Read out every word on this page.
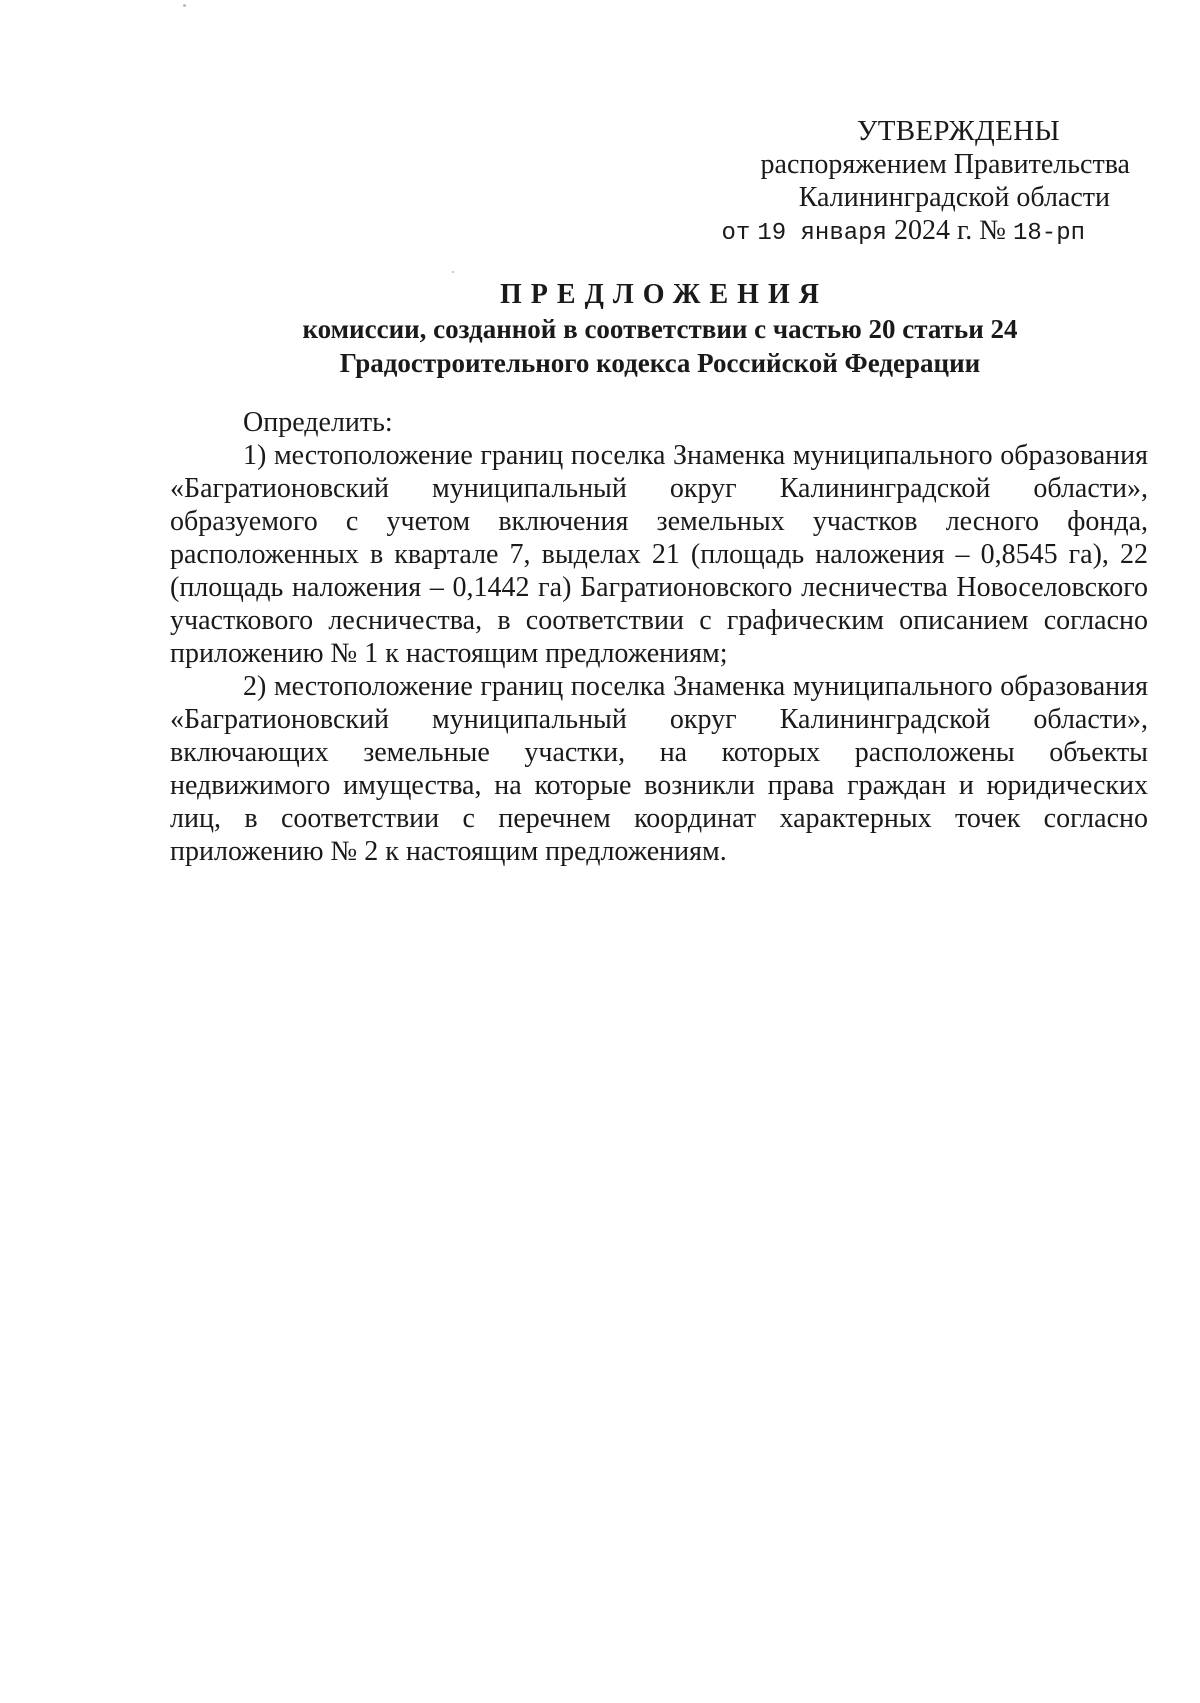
УТВЕРЖДЕНЫ
распоряжением Правительства
Калининградской области
от 19 января 2024 г. № 18-рп
ПРЕДЛОЖЕНИЯ
комиссии, созданной в соответствии с частью 20 статьи 24
Градостроительного кодекса Российской Федерации

Определить:

1) местоположение границ поселка Знаменка муниципального образования «Багратионовский муниципальный округ Калининградской области», образуемого с учетом включения земельных участков лесного фонда, расположенных в квартале 7, выделах 21 (площадь наложения – 0,8545 га), 22 (площадь наложения – 0,1442 га) Багратионовского лесничества Новоселовского участкового лесничества, в соответствии с графическим описанием согласно приложению № 1 к настоящим предложениям;

2) местоположение границ поселка Знаменка муниципального образования «Багратионовский муниципальный округ Калининградской области», включающих земельные участки, на которых расположены объекты недвижимого имущества, на которые возникли права граждан и юридических лиц, в соответствии с перечнем координат характерных точек согласно приложению № 2 к настоящим предложениям.
